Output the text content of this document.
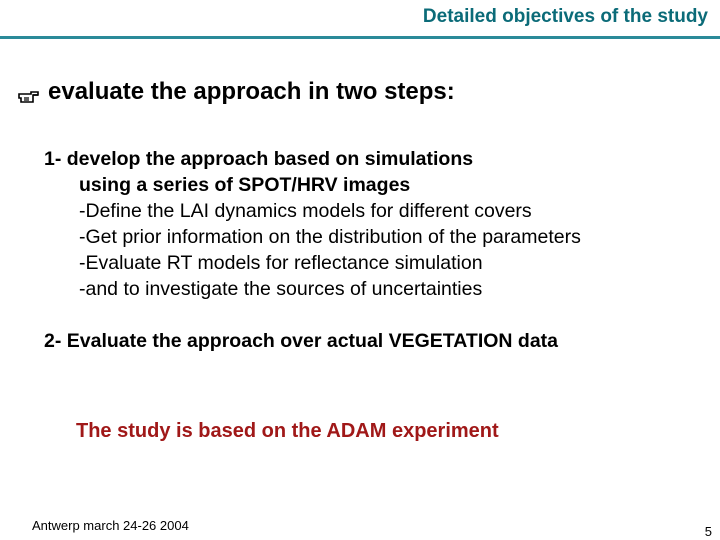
Detailed objectives of the study
evaluate the approach in two steps:
1- develop the approach based on simulations
using a series of SPOT/HRV images
-Define the LAI dynamics models for different covers
-Get prior information on the distribution of the parameters
-Evaluate RT models for reflectance simulation
-and to investigate the sources of uncertainties
2- Evaluate the approach over actual VEGETATION data
The study is based on the ADAM experiment
Antwerp march 24-26 2004	5
